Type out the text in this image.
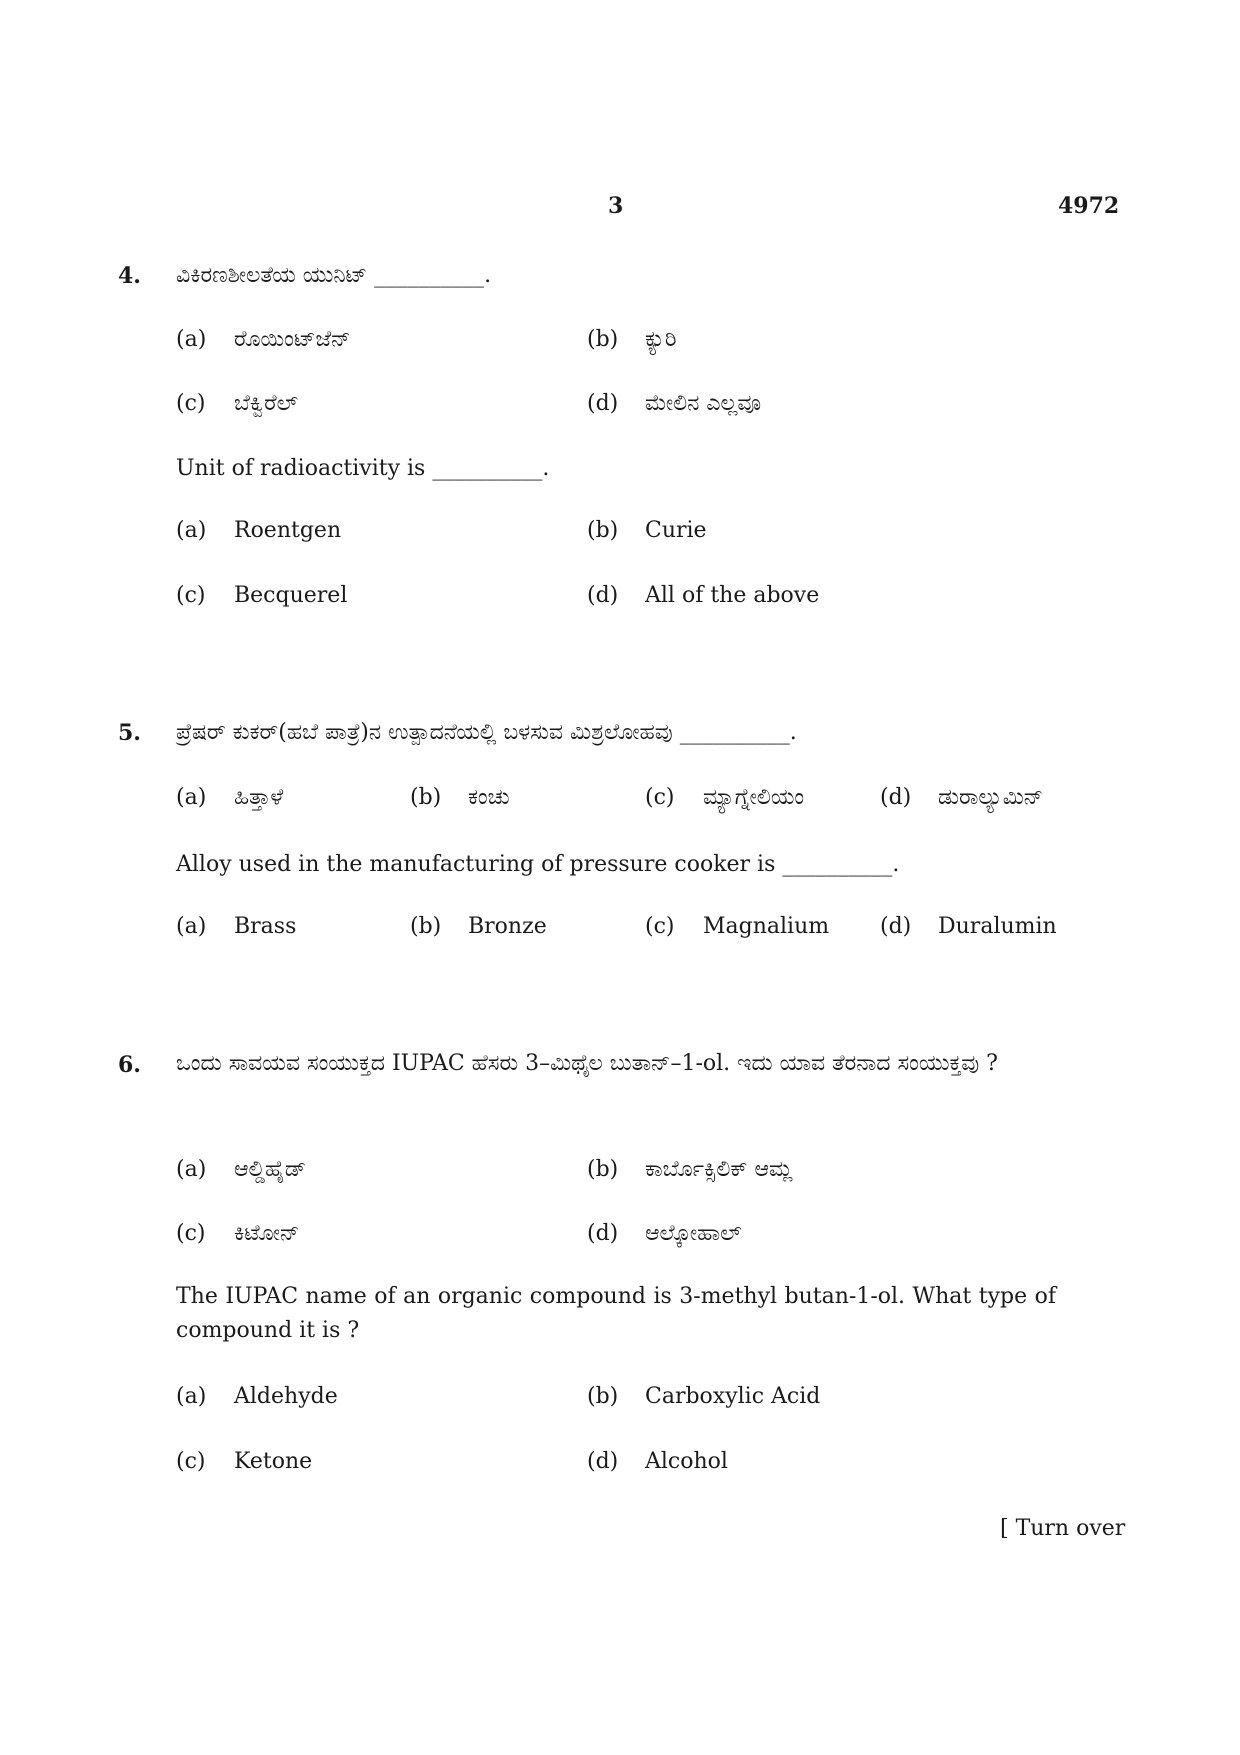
3	4972
4. ವಿಕಿರಣಶೀಲತೆಯ ಯುನಿಟ್ __________.
(a) ರೊಯಿಂಟ್‌ಜೆನ್	(b) ಕ್ಯುರಿ
(c) ಬೆಕ್ವಿರೆಲ್	(d) ಮೇಲಿನ ಎಲ್ಲವೂ
Unit of radioactivity is __________.
(a) Roentgen	(b) Curie
(c) Becquerel	(d) All of the above
5. ಪ್ರೆಷರ್ ಕುಕರ್(ಹಬೆ ಪಾತ್ರೆ)ನ ಉತ್ಪಾದನೆಯಲ್ಲಿ ಬಳಸುವ ಮಿಶ್ರಲೋಹವು __________.
(a) ಹಿತ್ತಾಳೆ	(b) ಕಂಚು	(c) ಮ್ಯಾಗ್ನೇಲಿಯಂ	(d) ಡುರಾಲ್ಯುಮಿನ್
Alloy used in the manufacturing of pressure cooker is __________.
(a) Brass	(b) Bronze	(c) Magnalium (d) Duralumin
6. ಒಂದು ಸಾವಯವ ಸಂಯುಕ್ತದ IUPAC ಹೆಸರು 3–ಮಿಥೈಲ ಬುತಾನ್–1-ol. ಇದು ಯಾವ ತೆರನಾದ ಸಂಯುಕ್ತವು ?
(a) ಆಲ್ಡಿಹೈಡ್	(b) ಕಾರ್ಬೊಕ್ಸಿಲಿಕ್ ಆಮ್ಲ
(c) ಕಿಟೋನ್	(d) ಆಲ್ಕೋಹಾಲ್
The IUPAC name of an organic compound is 3-methyl butan-1-ol. What type of compound it is ?
(a) Aldehyde	(b) Carboxylic Acid
(c) Ketone	(d) Alcohol
[ Turn over
